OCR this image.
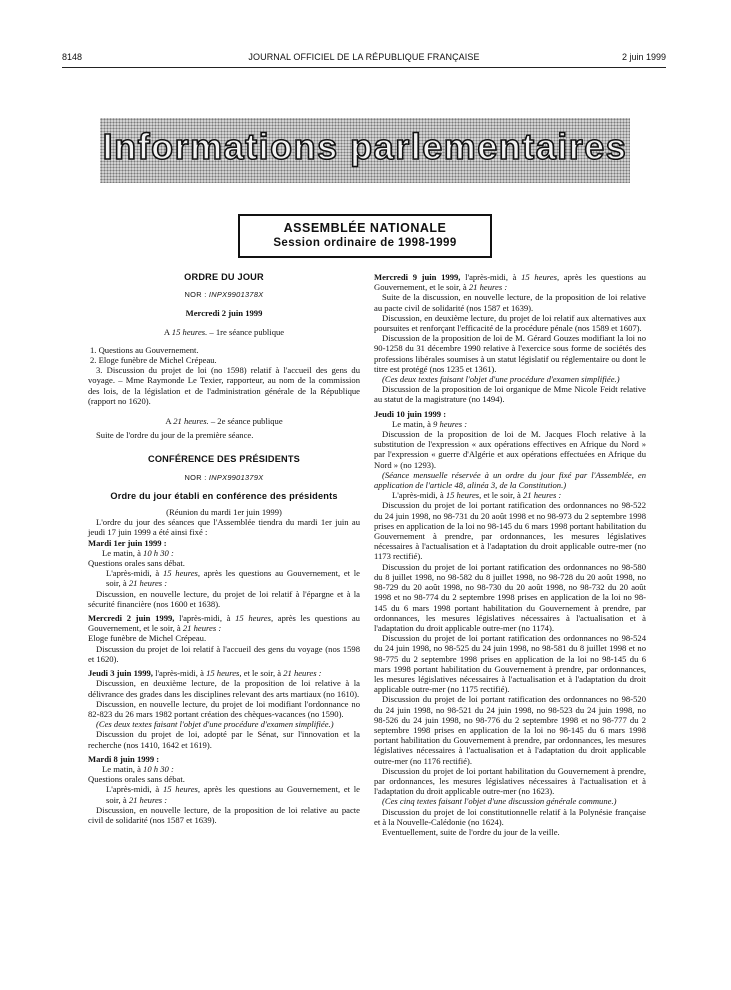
8148	JOURNAL OFFICIEL DE LA RÉPUBLIQUE FRANÇAISE	2 juin 1999
Informations parlementaires
ASSEMBLÉE NATIONALE
Session ordinaire de 1998-1999

ORDRE DU JOUR

NOR : INPX9901378X

Mercredi 2 juin 1999

A 15 heures. – 1re séance publique

1. Questions au Gouvernement.

2. Eloge funèbre de Michel Crépeau.

3. Discussion du projet de loi (no 1598) relatif à l'accueil des gens du voyage. – Mme Raymonde Le Texier, rapporteur, au nom de la commission des lois, de la législation et de l'administration générale de la République (rapport no 1620).

A 21 heures. – 2e séance publique

Suite de l'ordre du jour de la première séance.

CONFÉRENCE DES PRÉSIDENTS

NOR : INPX9901379X

Ordre du jour établi en conférence des présidents

(Réunion du mardi 1er juin 1999)

L'ordre du jour des séances que l'Assemblée tiendra du mardi 1er juin au jeudi 17 juin 1999 a été ainsi fixé :

Mardi 1er juin 1999 :

Le matin, à 10 h 30 :

Questions orales sans débat.

L'après-midi, à 15 heures, après les questions au Gouvernement, et le soir, à 21 heures :

Discussion, en nouvelle lecture, du projet de loi relatif à l'épargne et à la sécurité financière (nos 1600 et 1638).

Mercredi 2 juin 1999, l'après-midi, à 15 heures, après les questions au Gouvernement, et le soir, à 21 heures :

Eloge funèbre de Michel Crépeau.

Discussion du projet de loi relatif à l'accueil des gens du voyage (nos 1598 et 1620).

Jeudi 3 juin 1999, l'après-midi, à 15 heures, et le soir, à 21 heures :

Discussion, en deuxième lecture, de la proposition de loi relative à la délivrance des grades dans les disciplines relevant des arts martiaux (no 1610).

Discussion, en nouvelle lecture, du projet de loi modifiant l'ordonnance no 82-823 du 26 mars 1982 portant création des chèques-vacances (no 1590).

(Ces deux textes faisant l'objet d'une procédure d'examen simplifiée.)

Discussion du projet de loi, adopté par le Sénat, sur l'innovation et la recherche (nos 1410, 1642 et 1619).

Mardi 8 juin 1999 :

Le matin, à 10 h 30 :

Questions orales sans débat.

L'après-midi, à 15 heures, après les questions au Gouvernement, et le soir, à 21 heures :

Discussion, en nouvelle lecture, de la proposition de loi relative au pacte civil de solidarité (nos 1587 et 1639).

Mercredi 9 juin 1999, l'après-midi, à 15 heures, après les questions au Gouvernement, et le soir, à 21 heures :

Suite de la discussion, en nouvelle lecture, de la proposition de loi relative au pacte civil de solidarité (nos 1587 et 1639).

Discussion, en deuxième lecture, du projet de loi relatif aux alternatives aux poursuites et renforçant l'efficacité de la procédure pénale (nos 1589 et 1607).

Discussion de la proposition de loi de M. Gérard Gouzes modifiant la loi no 90-1258 du 31 décembre 1990 relative à l'exercice sous forme de sociétés des professions libérales soumises à un statut législatif ou réglementaire ou dont le titre est protégé (nos 1235 et 1361).

(Ces deux textes faisant l'objet d'une procédure d'examen simplifiée.)

Discussion de la proposition de loi organique de Mme Nicole Feidt relative au statut de la magistrature (no 1494).

Jeudi 10 juin 1999 :

Le matin, à 9 heures :

Discussion de la proposition de loi de M. Jacques Floch relative à la substitution de l'expression « aux opérations effectives en Afrique du Nord » par l'expression « guerre d'Algérie et aux opérations effectuées en Afrique du Nord » (no 1293).

(Séance mensuelle réservée à un ordre du jour fixé par l'Assemblée, en application de l'article 48, alinéa 3, de la Constitution.)

L'après-midi, à 15 heures, et le soir, à 21 heures :

Discussion du projet de loi portant ratification des ordonnances no 98-522 du 24 juin 1998, no 98-731 du 20 août 1998 et no 98-973 du 2 septembre 1998 prises en application de la loi no 98-145 du 6 mars 1998 portant habilitation du Gouvernement à prendre, par ordonnances, les mesures législatives nécessaires à l'actualisation et à l'adaptation du droit applicable outre-mer (no 1173 rectifié).

Discussion du projet de loi portant ratification des ordonnances no 98-580 du 8 juillet 1998, no 98-582 du 8 juillet 1998, no 98-728 du 20 août 1998, no 98-729 du 20 août 1998, no 98-730 du 20 août 1998, no 98-732 du 20 août 1998 et no 98-774 du 2 septembre 1998 prises en application de la loi no 98-145 du 6 mars 1998 portant habilitation du Gouvernement à prendre, par ordonnances, les mesures législatives nécessaires à l'actualisation et à l'adaptation du droit applicable outre-mer (no 1174).

Discussion du projet de loi portant ratification des ordonnances no 98-524 du 24 juin 1998, no 98-525 du 24 juin 1998, no 98-581 du 8 juillet 1998 et no 98-775 du 2 septembre 1998 prises en application de la loi no 98-145 du 6 mars 1998 portant habilitation du Gouvernement à prendre, par ordonnances, les mesures législatives nécessaires à l'actualisation et à l'adaptation du droit applicable outre-mer (no 1175 rectifié).

Discussion du projet de loi portant ratification des ordonnances no 98-520 du 24 juin 1998, no 98-521 du 24 juin 1998, no 98-523 du 24 juin 1998, no 98-526 du 24 juin 1998, no 98-776 du 2 septembre 1998 et no 98-777 du 2 septembre 1998 prises en application de la loi no 98-145 du 6 mars 1998 portant habilitation du Gouvernement à prendre, par ordonnances, les mesures législatives nécessaires à l'actualisation et à l'adaptation du droit applicable outre-mer (no 1176 rectifié).

Discussion du projet de loi portant habilitation du Gouvernement à prendre, par ordonnances, les mesures législatives nécessaires à l'actualisation et à l'adaptation du droit applicable outre-mer (no 1623).

(Ces cinq textes faisant l'objet d'une discussion générale commune.)

Discussion du projet de loi constitutionnelle relatif à la Polynésie française et à la Nouvelle-Calédonie (no 1624).

Eventuellement, suite de l'ordre du jour de la veille.
